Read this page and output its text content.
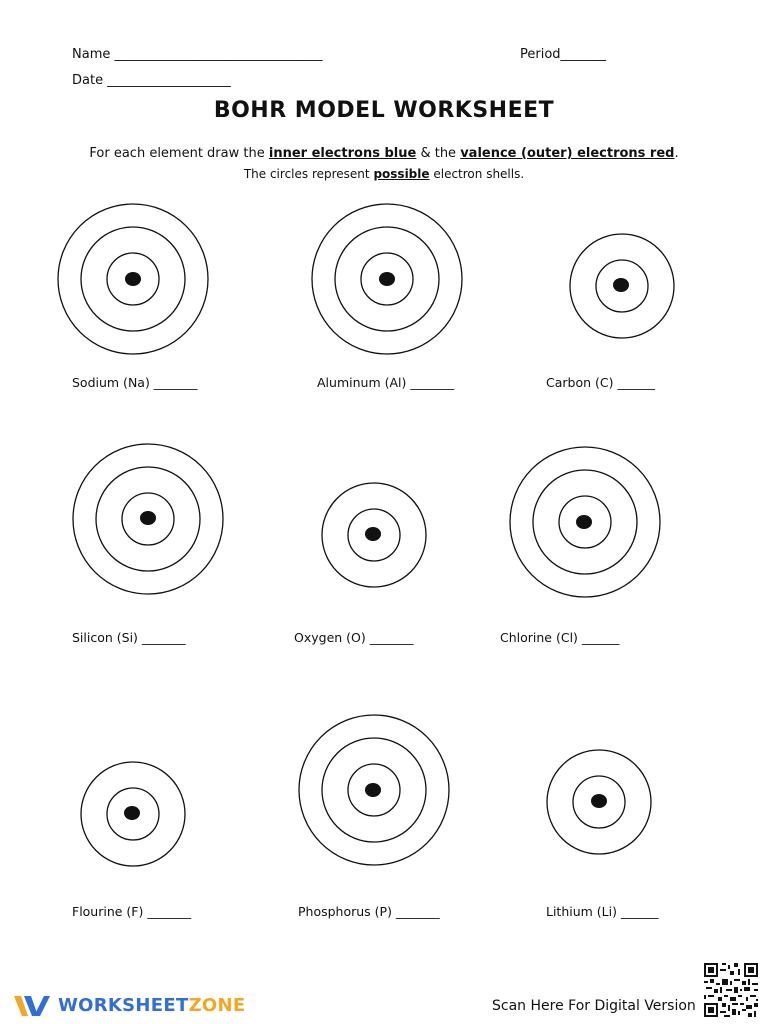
Name ________________________________	Period_______
Date ___________________
BOHR MODEL WORKSHEET
For each element draw the inner electrons blue & the valence (outer) electrons red.
The circles represent possible electron shells.
Sodium (Na) _______	Aluminum (Al) _______	Carbon (C) ______
Silicon (Si) _______	Oxygen (O) _______	Chlorine (Cl) ______
Flourine (F) _______	Phosphorus (P) _______	Lithium (Li) ______
WORKSHEETZONE	Scan Here For Digital Version
